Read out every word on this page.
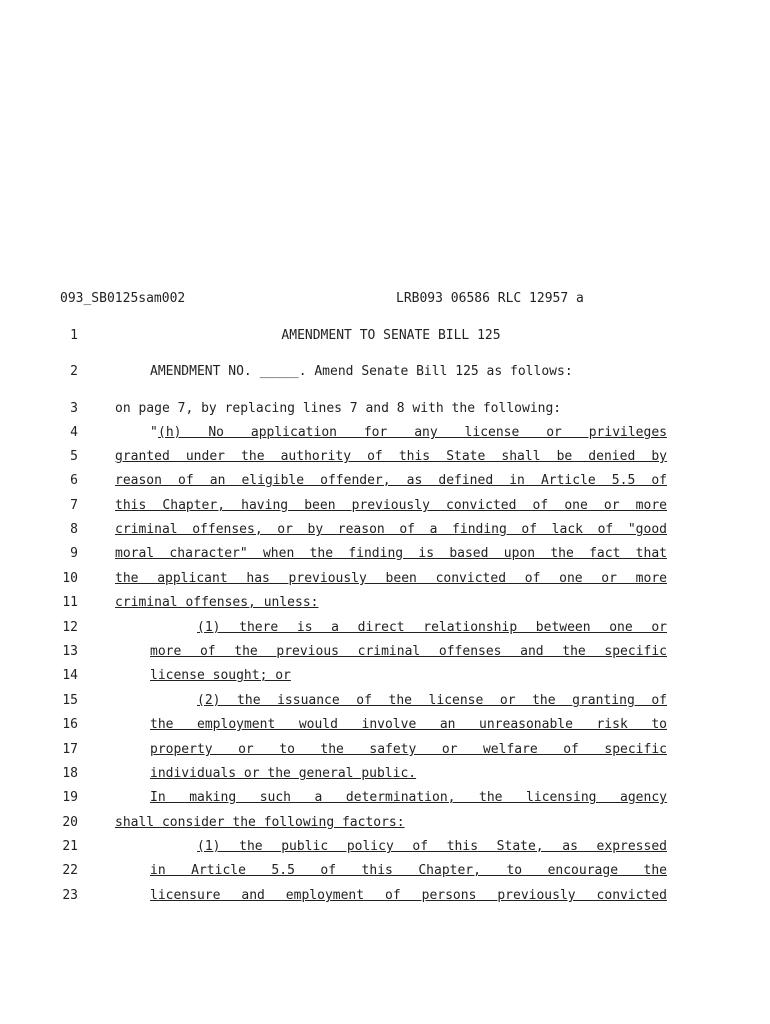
093_SB0125sam002	LRB093 06586 RLC 12957 a
1	AMENDMENT TO SENATE BILL 125
2	AMENDMENT NO. _____. Amend Senate Bill 125 as follows:
3	on page 7, by replacing lines 7 and 8 with the following:
4	" (h) No application for any license or privileges
5	granted under the authority of this State shall be denied by
6	reason of an eligible offender, as defined in Article 5.5 of
7	this Chapter, having been previously convicted of one or more
8	criminal offenses, or by reason of a finding of lack of "good
9	moral character" when the finding is based upon the fact that
10	the applicant has previously been convicted of one or more
11	criminal offenses, unless:
12	(1) there is a direct relationship between one or
13	more of the previous criminal offenses and the specific
14	license sought; or
15	(2) the issuance of the license or the granting of
16	the employment would involve an unreasonable risk to
17	property or to the safety or welfare of specific
18	individuals or the general public.
19	In making such a determination, the licensing agency
20	shall consider the following factors:
21	(1) the public policy of this State, as expressed
22	in Article 5.5 of this Chapter, to encourage the
23	licensure and employment of persons previously convicted
